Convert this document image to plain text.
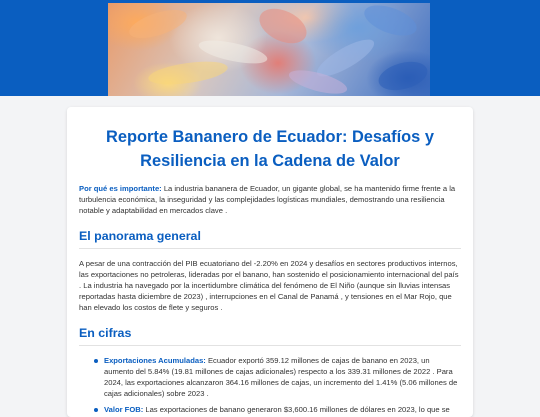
Reporte Bananero de Ecuador: Desafíos y Resiliencia en la Cadena de Valor

Por qué es importante: La industria bananera de Ecuador, un gigante global, se ha mantenido firme frente a la turbulencia económica, la inseguridad y las complejidades logísticas mundiales, demostrando una resiliencia notable y adaptabilidad en mercados clave .

El panorama general

A pesar de una contracción del PIB ecuatoriano del -2.20% en 2024 y desafíos en sectores productivos internos, las exportaciones no petroleras, lideradas por el banano, han sostenido el posicionamiento internacional del país . La industria ha navegado por la incertidumbre climática del fenómeno de El Niño (aunque sin lluvias intensas reportadas hasta diciembre de 2023) , interrupciones en el Canal de Panamá , y tensiones en el Mar Rojo, que han elevado los costos de flete y seguros .

En cifras
Exportaciones Acumuladas: Ecuador exportó 359.12 millones de cajas de banano en 2023, un aumento del 5.84% (19.81 millones de cajas adicionales) respecto a los 339.31 millones de 2022 . Para 2024, las exportaciones alcanzaron 364.16 millones de cajas, un incremento del 1.41% (5.06 millones de cajas adicionales) sobre 2023 .
Valor FOB: Las exportaciones de banano generaron $3,600.16 millones de dólares en 2023, lo que se
